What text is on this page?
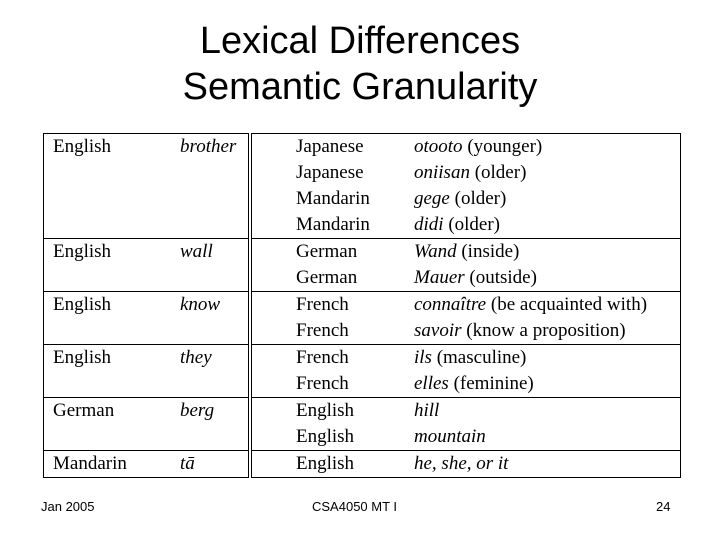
Lexical Differences
Semantic Granularity
English	brother	Japanese	otooto (younger)
		Japanese	oniisan (older)
		Mandarin	gege (older)
		Mandarin	didi (older)
English	wall	German	Wand (inside)
		German	Mauer (outside)
English	know	French	connaître (be acquainted with)
		French	savoir (know a proposition)
English	they	French	ils (masculine)
		French	elles (feminine)
German	berg	English	hill
		English	mountain
Mandarin	tā	English	he, she, or it
Jan 2005	CSA4050 MT I	24
